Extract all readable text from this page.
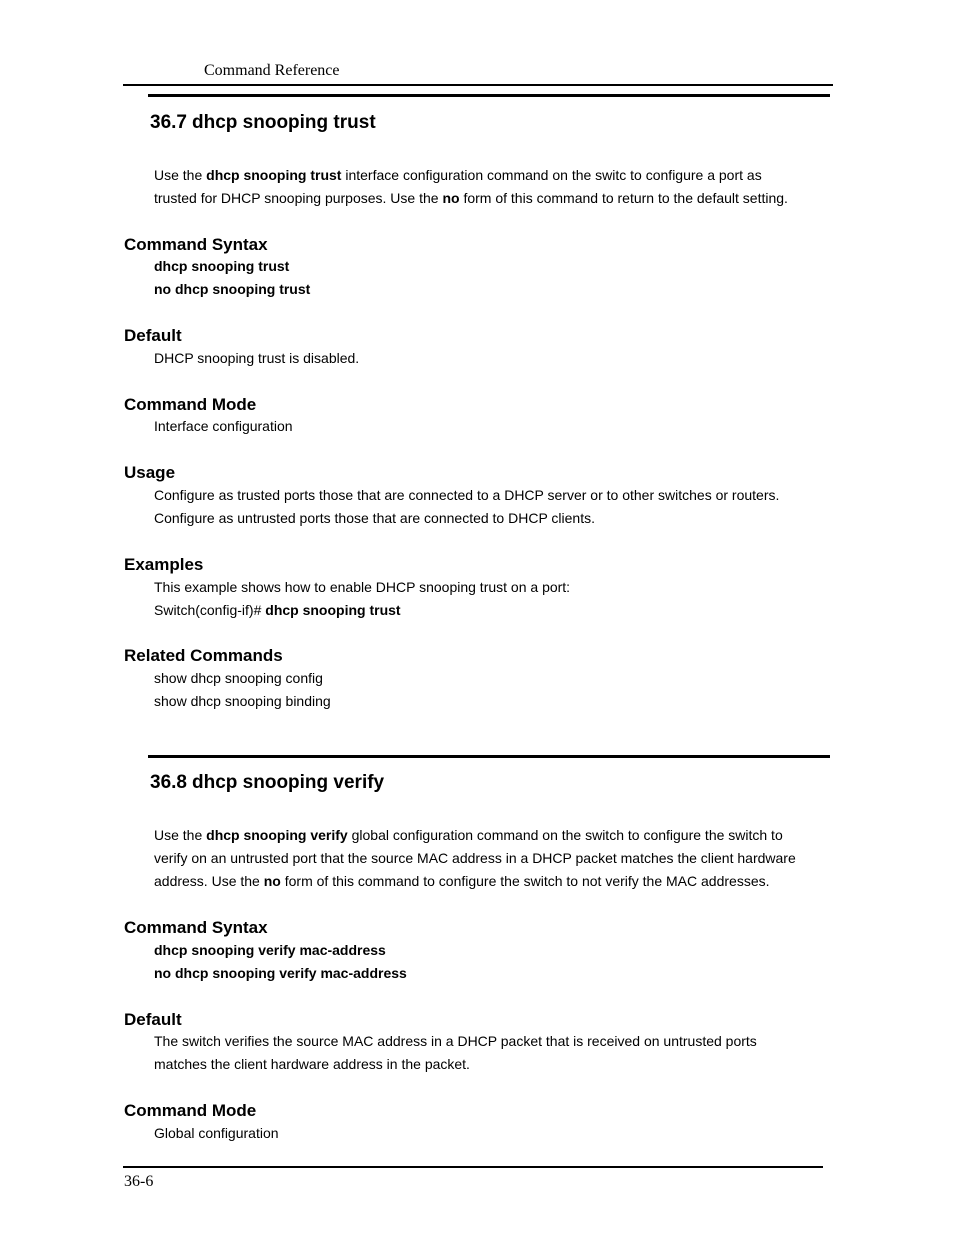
Command Reference
36.7 dhcp snooping trust
Use the dhcp snooping trust interface configuration command on the switc to configure a port as
trusted for DHCP snooping purposes. Use the no form of this command to return to the default setting.
Command Syntax
dhcp snooping trust
no dhcp snooping trust
Default
DHCP snooping trust is disabled.
Command Mode
Interface configuration
Usage
Configure as trusted ports those that are connected to a DHCP server or to other switches or routers.
Configure as untrusted ports those that are connected to DHCP clients.
Examples
This example shows how to enable DHCP snooping trust on a port:
Switch(config-if)# dhcp snooping trust
Related Commands
show dhcp snooping config
show dhcp snooping binding
36.8 dhcp snooping verify
Use the dhcp snooping verify global configuration command on the switch to configure the switch to
verify on an untrusted port that the source MAC address in a DHCP packet matches the client hardware
address. Use the no form of this command to configure the switch to not verify the MAC addresses.
Command Syntax
dhcp snooping verify mac-address
no dhcp snooping verify mac-address
Default
The switch verifies the source MAC address in a DHCP packet that is received on untrusted ports
matches the client hardware address in the packet.
Command Mode
Global configuration
36-6
